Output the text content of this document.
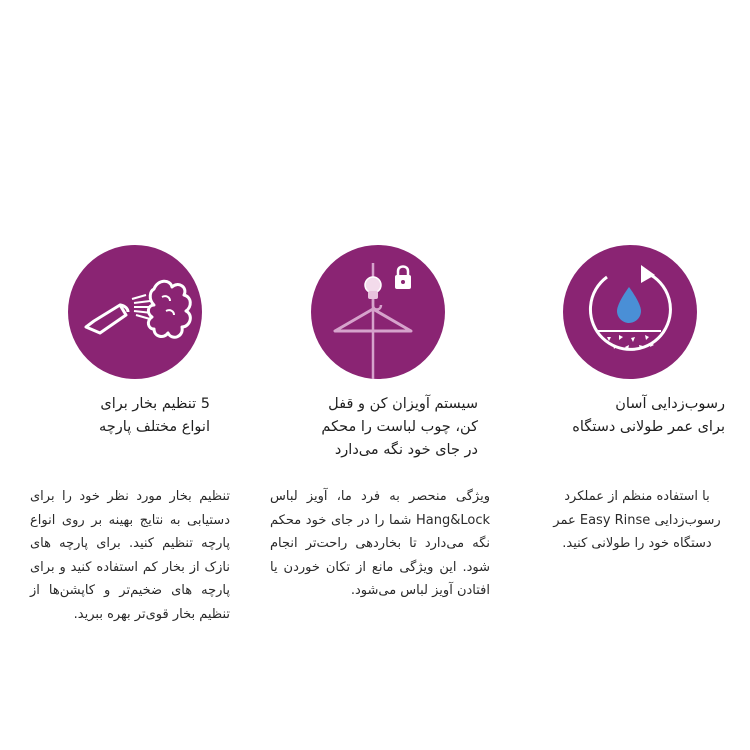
5 تنظیم بخار برای
انواع مختلف پارچه
تنظیم بخار مورد نظر خود را برای دستیابی به نتایج بهینه بر روی انواع پارچه تنظیم کنید. برای پارچه های نازک از بخار کم استفاده کنید و برای پارچه های ضخیم‌تر و کاپشن‌ها از تنظیم بخار قوی‌تر بهره ببرید.
سیستم آویزان کن و قفل
کن، چوب لباست را محکم
در جای خود نگه می‌دارد
ویژگی منحصر به فرد ما، آویز لباس Hang&Lock شما را در جای خود محکم نگه می‌دارد تا بخاردهی راحت‌تر انجام شود. این ویژگی مانع از تکان خوردن یا افتادن آویز لباس می‌شود.
رسوب‌زدایی آسان
برای عمر طولانی دستگاه
با استفاده منظم از عملکرد رسوب‌زدایی Easy Rinse عمر دستگاه خود را طولانی کنید.
